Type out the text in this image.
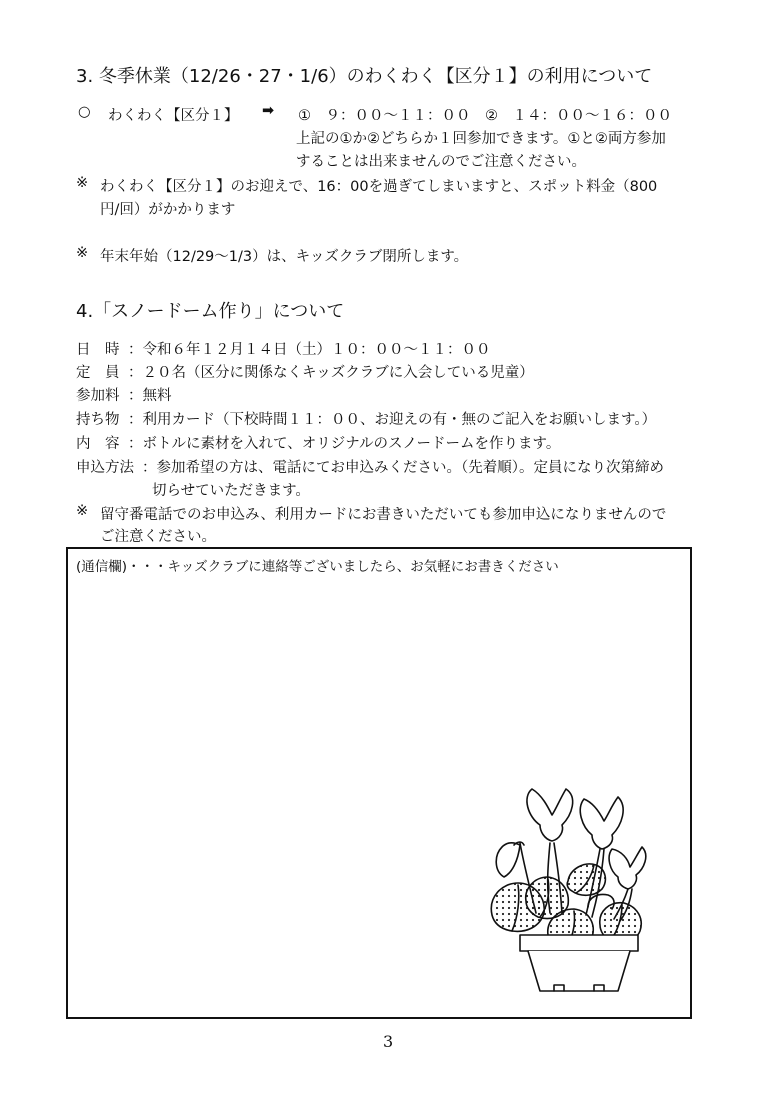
3. 冬季休業（12/26・27・1/6）のわくわく【区分１】の利用について
○ わくわく【区分１】 ➡ ①　９：００〜１１：００　②　１４：００〜１６：００
上記の①か②どちらか１回参加できます。①と②両方参加
することは出来ませんのでご注意ください。
※ わくわく【区分１】のお迎えで、16：00を過ぎてしまいますと、スポット料金（800
円/回）がかかります
※ 年末年始（12/29〜1/3）は、キッズクラブ閉所します。
4.「スノードーム作り」について
日　時 ：令和６年１２月１４日（土）１０：００〜１１：００
定　員 ：２０名（区分に関係なくキッズクラブに入会している児童）
参加料 ：無料
持ち物 ：利用カード（下校時間１１：００、お迎えの有・無のご記入をお願いします。）
内　容 ：ボトルに素材を入れて、オリジナルのスノードームを作ります。
申込方法 ：参加希望の方は、電話にてお申込みください。（先着順）。定員になり次第締め
切らせていただきます。
※ 留守番電話でのお申込み、利用カードにお書きいただいても参加申込になりませんので
ご注意ください。
(通信欄)・・・キッズクラブに連絡等ございましたら、お気軽にお書きください
3
